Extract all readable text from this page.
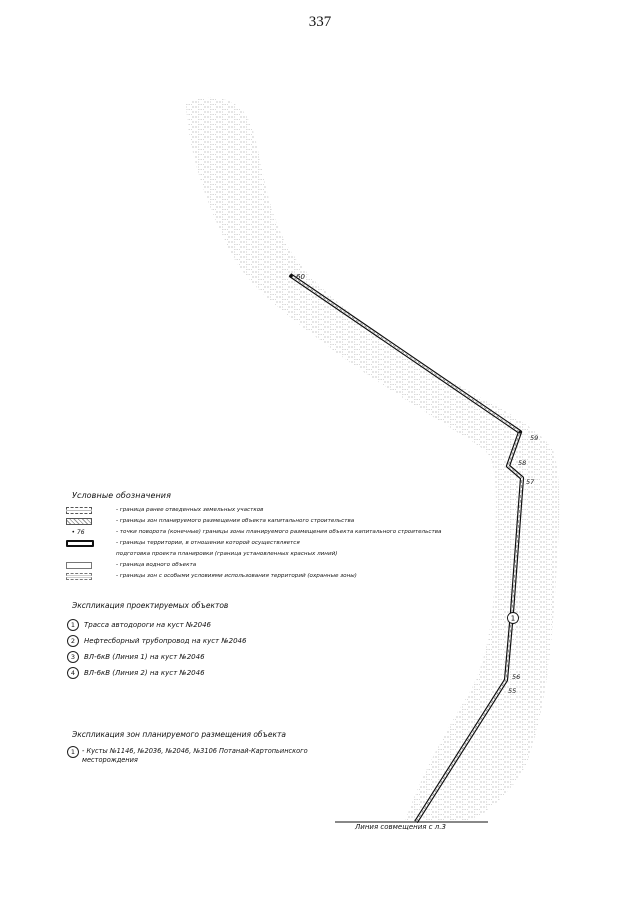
337
60
59
58
57
56
55
1
Условные обозначения
- граница ранее отведенных земельных участков
- границы зон планируемого размещения объекта капитального строительства
• 76	- точки поворота (конечные) границы зоны планируемого размещения объекта капитального строительства
- границы территории, в отношении которой осуществляется
подготовка проекта планировки (граница установленных красных линий)
- граница водного объекта
- границы зон с особыми условиями использования территорий (охранные зоны)
Экспликация проектируемых объектов
1	Трасса автодороги на куст №2046
2	Нефтесборный трубопровод на куст №2046
3	ВЛ-6кВ (Линия 1) на куст №2046
4	ВЛ-6кВ (Линия 2) на куст №2046
Экспликация зон планируемого размещения объекта
1	- Кусты №1146, №2036, №2046, №3106 Потанай-Картопьинского месторождения
Линия совмещения с л.3
